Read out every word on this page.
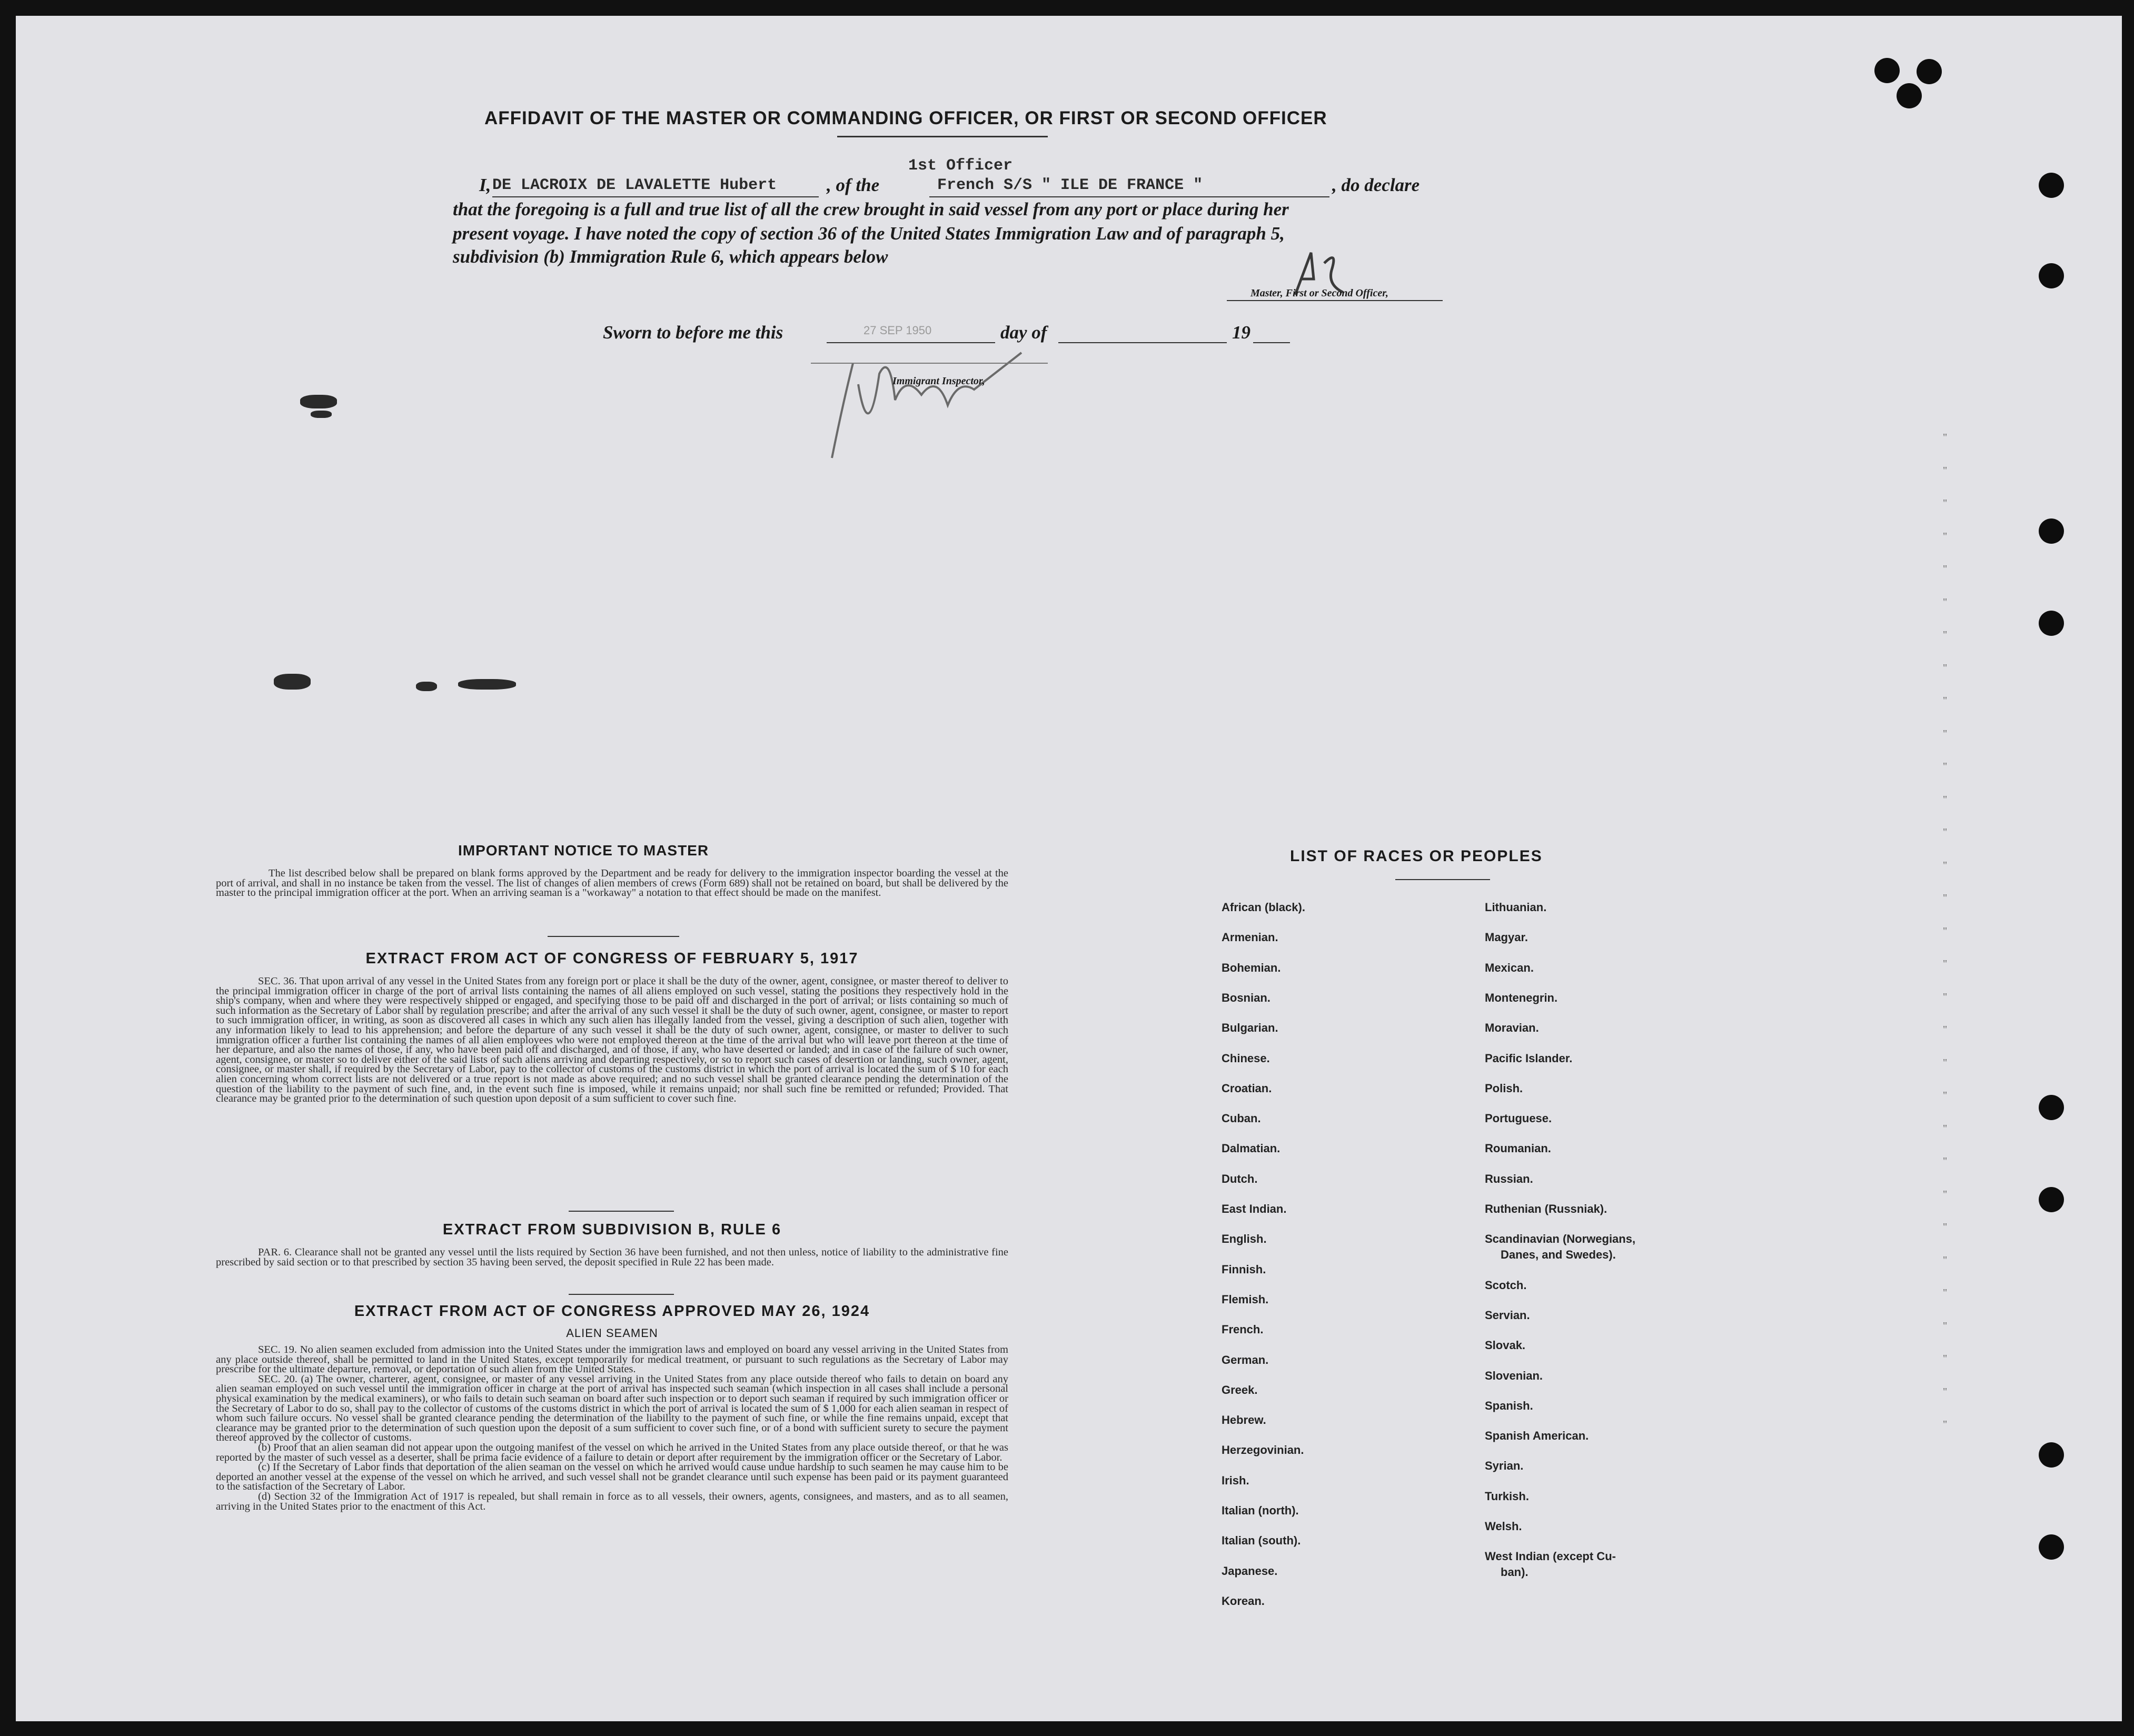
AFFIDAVIT OF THE MASTER OR COMMANDING OFFICER, OR FIRST OR SECOND OFFICER
1st Officer
I, DE LACROIX DE LAVALETTE Hubert	, of the	French S/S " ILE DE FRANCE "	, do declare
that the foregoing is a full and true list of all the crew brought in said vessel from any port or place during her
present voyage. I have noted the copy of section 36 of the United States Immigration Law and of paragraph 5,
subdivision (b) Immigration Rule 6, which appears below
Master, First or Second Officer,
Sworn to before me this	27 SEP 1950	day of	19
Immigrant Inspector,
"
"
"
"
"
"
"
"
"
"
"
"
"
"
"
"
"
"
"
"
"
"
"
"
"
"
"
"
"
"
"
IMPORTANT NOTICE TO MASTER
The list described below shall be prepared on blank forms approved by the Department and be ready for delivery to the immigration inspector boarding the vessel at the port of arrival, and shall in no instance be taken from the vessel. The list of changes of alien members of crews (Form 689) shall not be retained on board, but shall be delivered by the master to the principal immigration officer at the port. When an arriving seaman is a "workaway" a notation to that effect should be made on the manifest.
EXTRACT FROM ACT OF CONGRESS OF FEBRUARY 5, 1917
SEC. 36. That upon arrival of any vessel in the United States from any foreign port or place it shall be the duty of the owner, agent, consignee, or master thereof to deliver to the principal immigration officer in charge of the port of arrival lists containing the names of all aliens employed on such vessel, stating the positions they respectively hold in the ship's company, when and where they were respectively shipped or engaged, and specifying those to be paid off and discharged in the port of arrival; or lists containing so much of such information as the Secretary of Labor shall by regulation prescribe; and after the arrival of any such vessel it shall be the duty of such owner, agent, consignee, or master to report to such immigration officer, in writing, as soon as discovered all cases in which any such alien has illegally landed from the vessel, giving a description of such alien, together with any information likely to lead to his apprehension; and before the departure of any such vessel it shall be the duty of such owner, agent, consignee, or master to deliver to such immigration officer a further list containing the names of all alien employees who were not employed thereon at the time of the arrival but who will leave port thereon at the time of her departure, and also the names of those, if any, who have been paid off and discharged, and of those, if any, who have deserted or landed; and in case of the failure of such owner, agent, consignee, or master so to deliver either of the said lists of such aliens arriving and departing respectively, or so to report such cases of desertion or landing, such owner, agent, consignee, or master shall, if required by the Secretary of Labor, pay to the collector of customs of the customs district in which the port of arrival is located the sum of $ 10 for each alien concerning whom correct lists are not delivered or a true report is not made as above required; and no such vessel shall be granted clearance pending the determination of the question of the liability to the payment of such fine, and, in the event such fine is imposed, while it remains unpaid; nor shall such fine be remitted or refunded; Provided. That clearance may be granted prior to the determination of such question upon deposit of a sum sufficient to cover such fine.
EXTRACT FROM SUBDIVISION B, RULE 6
PAR. 6. Clearance shall not be granted any vessel until the lists required by Section 36 have been furnished, and not then unless, notice of liability to the administrative fine prescribed by said section or to that prescribed by section 35 having been served, the deposit specified in Rule 22 has been made.
EXTRACT FROM ACT OF CONGRESS APPROVED MAY 26, 1924
ALIEN SEAMEN
SEC. 19. No alien seamen excluded from admission into the United States under the immigration laws and employed on board any vessel arriving in the United States from any place outside thereof, shall be permitted to land in the United States, except temporarily for medical treatment, or pursuant to such regulations as the Secretary of Labor may prescribe for the ultimate departure, removal, or deportation of such alien from the United States.
SEC. 20. (a) The owner, charterer, agent, consignee, or master of any vessel arriving in the United States from any place outside thereof who fails to detain on board any alien seaman employed on such vessel until the immigration officer in charge at the port of arrival has inspected such seaman (which inspection in all cases shall include a personal physical examination by the medical examiners), or who fails to detain such seaman on board after such inspection or to deport such seaman if required by such immigration officer or the Secretary of Labor to do so, shall pay to the collector of customs of the customs district in which the port of arrival is located the sum of $ 1,000 for each alien seaman in respect of whom such failure occurs. No vessel shall be granted clearance pending the determination of the liability to the payment of such fine, or while the fine remains unpaid, except that clearance may be granted prior to the determination of such question upon the deposit of a sum sufficient to cover such fine, or of a bond with sufficient surety to secure the payment thereof approved by the collector of customs.
(b) Proof that an alien seaman did not appear upon the outgoing manifest of the vessel on which he arrived in the United States from any place outside thereof, or that he was reported by the master of such vessel as a deserter, shall be prima facie evidence of a failure to detain or deport after requirement by the immigration officer or the Secretary of Labor.
(c) If the Secretary of Labor finds that deportation of the alien seaman on the vessel on which he arrived would cause undue hardship to such seamen he may cause him to be deported an another vessel at the expense of the vessel on which he arrived, and such vessel shall not be grandet clearance until such expense has been paid or its payment guaranteed to the satisfaction of the Secretary of Labor.
(d) Section 32 of the Immigration Act of 1917 is repealed, but shall remain in force as to all vessels, their owners, agents, consignees, and masters, and as to all seamen, arriving in the United States prior to the enactment of this Act.
LIST OF RACES OR PEOPLES
African (black).
Armenian.
Bohemian.
Bosnian.
Bulgarian.
Chinese.
Croatian.
Cuban.
Dalmatian.
Dutch.
East Indian.
English.
Finnish.
Flemish.
French.
German.
Greek.
Hebrew.
Herzegovinian.
Irish.
Italian (north).
Italian (south).
Japanese.
Korean.
Lithuanian.
Magyar.
Mexican.
Montenegrin.
Moravian.
Pacific Islander.
Polish.
Portuguese.
Roumanian.
Russian.
Ruthenian (Russniak).
Scandinavian (Norwegians,
Danes, and Swedes).
Scotch.
Servian.
Slovak.
Slovenian.
Spanish.
Spanish American.
Syrian.
Turkish.
Welsh.
West Indian (except Cu-
ban).
